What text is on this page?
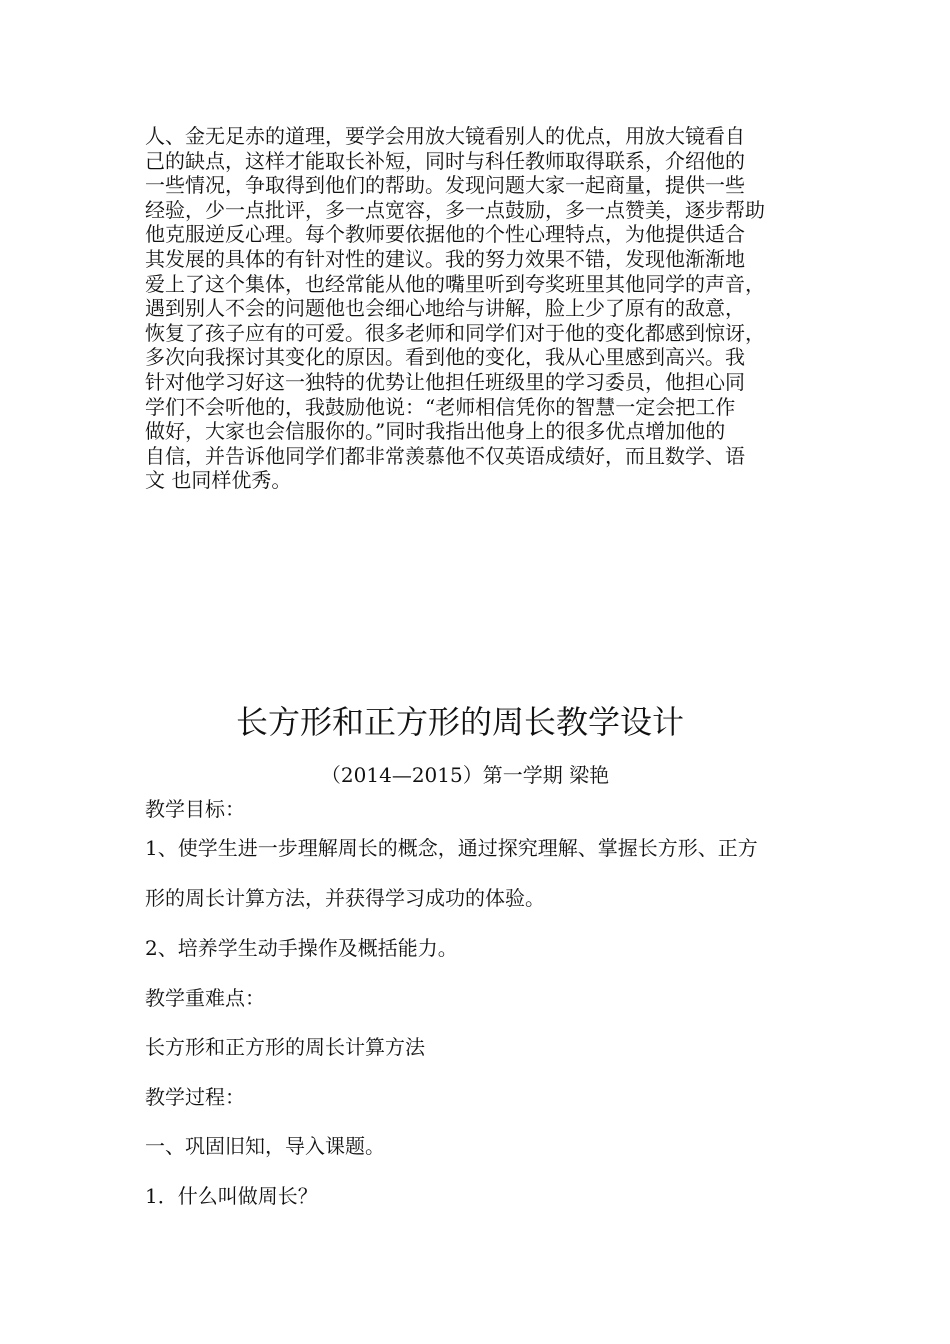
人、金无足赤的道理，要学会用放大镜看别人的优点，用放大镜看自
己的缺点，这样才能取长补短，同时与科任教师取得联系，介绍他的
一些情况，争取得到他们的帮助。发现问题大家一起商量，提供一些
经验，少一点批评，多一点宽容，多一点鼓励，多一点赞美，逐步帮助
他克服逆反心理。每个教师要依据他的个性心理特点，为他提供适合
其发展的具体的有针对性的建议。我的努力效果不错，发现他渐渐地
爱上了这个集体，也经常能从他的嘴里听到夸奖班里其他同学的声音，
遇到别人不会的问题他也会细心地给与讲解，脸上少了原有的敌意，
恢复了孩子应有的可爱。很多老师和同学们对于他的变化都感到惊讶，
多次向我探讨其变化的原因。看到他的变化，我从心里感到高兴。我
针对他学习好这一独特的优势让他担任班级里的学习委员，他担心同
学们不会听他的，我鼓励他说：“老师相信凭你的智慧一定会把工作
做好，大家也会信服你的。”同时我指出他身上的很多优点增加他的
自信，并告诉他同学们都非常羡慕他不仅英语成绩好，而且数学、语
文 也同样优秀。
长方形和正方形的周长教学设计
（2014—2015）第一学期 梁艳
教学目标：
1、使学生进一步理解周长的概念，通过探究理解、掌握长方形、正方
形的周长计算方法，并获得学习成功的体验。
2、培养学生动手操作及概括能力。
教学重难点：
长方形和正方形的周长计算方法
教学过程：
一、巩固旧知，导入课题。
1．什么叫做周长？
